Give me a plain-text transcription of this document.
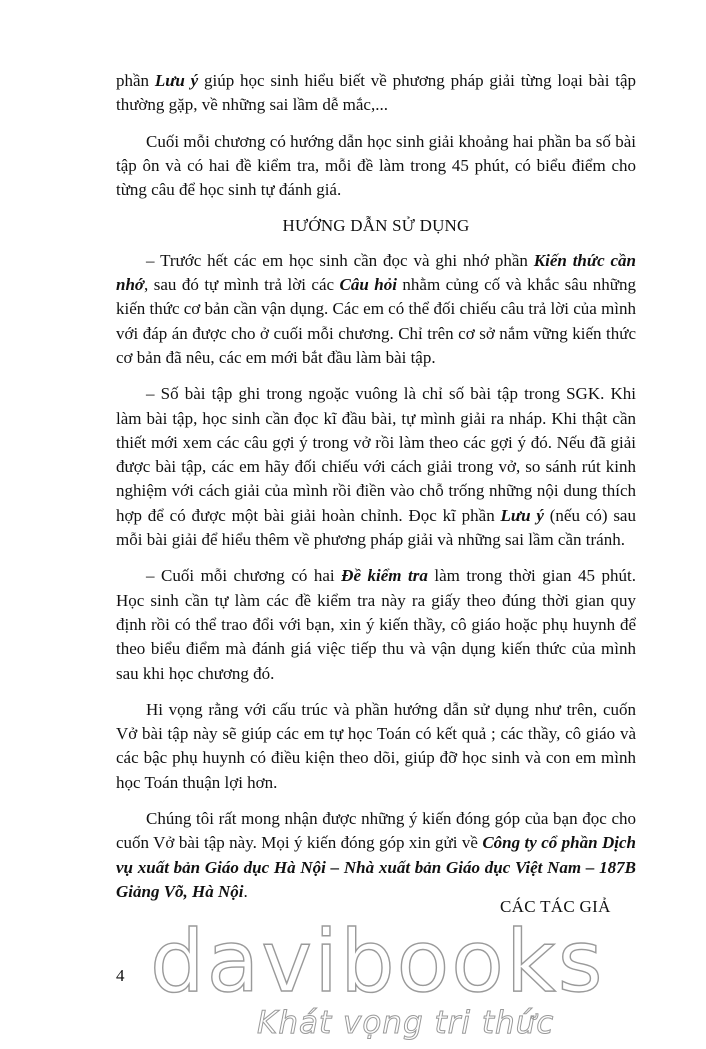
phần Lưu ý giúp học sinh hiểu biết về phương pháp giải từng loại bài tập thường gặp, về những sai lầm dễ mắc,...

Cuối mỗi chương có hướng dẫn học sinh giải khoảng hai phần ba số bài tập ôn và có hai đề kiểm tra, mỗi đề làm trong 45 phút, có biểu điểm cho từng câu để học sinh tự đánh giá.

HƯỚNG DẪN SỬ DỤNG

– Trước hết các em học sinh cần đọc và ghi nhớ phần Kiến thức cần nhớ, sau đó tự mình trả lời các Câu hỏi nhằm củng cố và khắc sâu những kiến thức cơ bản cần vận dụng. Các em có thể đối chiếu câu trả lời của mình với đáp án được cho ở cuối mỗi chương. Chỉ trên cơ sở nắm vững kiến thức cơ bản đã nêu, các em mới bắt đầu làm bài tập.

– Số bài tập ghi trong ngoặc vuông là chỉ số bài tập trong SGK. Khi làm bài tập, học sinh cần đọc kĩ đầu bài, tự mình giải ra nháp. Khi thật cần thiết mới xem các câu gợi ý trong vở rồi làm theo các gợi ý đó. Nếu đã giải được bài tập, các em hãy đối chiếu với cách giải trong vở, so sánh rút kinh nghiệm với cách giải của mình rồi điền vào chỗ trống những nội dung thích hợp để có được một bài giải hoàn chỉnh. Đọc kĩ phần Lưu ý (nếu có) sau mỗi bài giải để hiểu thêm về phương pháp giải và những sai lầm cần tránh.

– Cuối mỗi chương có hai Đề kiểm tra làm trong thời gian 45 phút. Học sinh cần tự làm các đề kiểm tra này ra giấy theo đúng thời gian quy định rồi có thể trao đổi với bạn, xin ý kiến thầy, cô giáo hoặc phụ huynh để theo biểu điểm mà đánh giá việc tiếp thu và vận dụng kiến thức của mình sau khi học chương đó.

Hi vọng rằng với cấu trúc và phần hướng dẫn sử dụng như trên, cuốn Vở bài tập này sẽ giúp các em tự học Toán có kết quả ; các thầy, cô giáo và các bậc phụ huynh có điều kiện theo dõi, giúp đỡ học sinh và con em mình học Toán thuận lợi hơn.

Chúng tôi rất mong nhận được những ý kiến đóng góp của bạn đọc cho cuốn Vở bài tập này. Mọi ý kiến đóng góp xin gửi về Công ty cổ phần Dịch vụ xuất bản Giáo dục Hà Nội – Nhà xuất bản Giáo dục Việt Nam – 187B Giảng Võ, Hà Nội.

CÁC TÁC GIẢ
4 davibooks
Khát vọng tri thức
